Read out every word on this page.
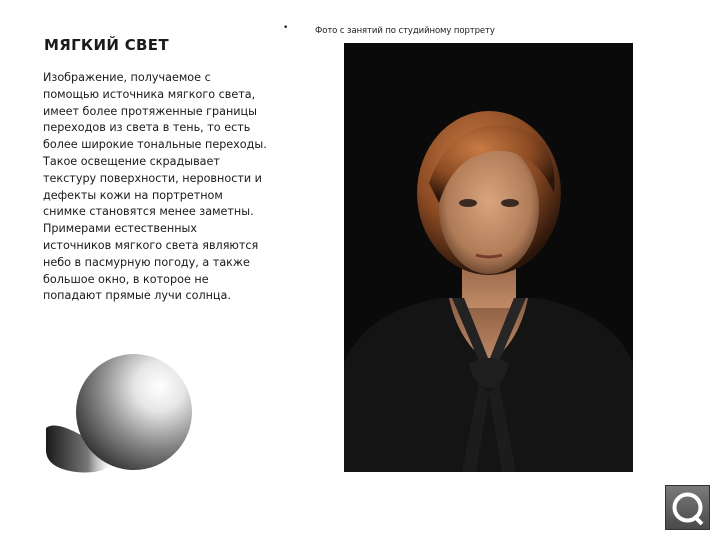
МЯГКИЙ СВЕТ
Изображение, получаемое с помощью источника мягкого света, имеет более протяженные границы переходов из света в тень, то есть более широкие тональные переходы. Такое освещение скрадывает текстуру поверхности, неровности и дефекты кожи на портретном снимке становятся менее заметны. Примерами естественных источников мягкого света являются небо в пасмурную погоду, а также большое окно, в которое не попадают прямые лучи солнца.
•	Фото с занятий по студийному портрету
